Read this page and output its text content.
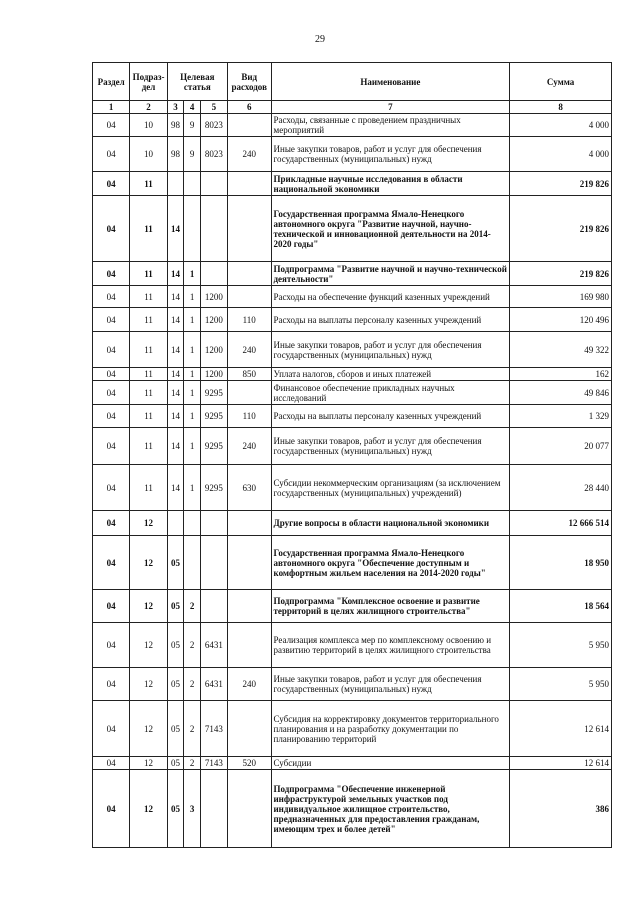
29
Раздел	Подраз-дел	Целевая статья			Вид расходов	Наименование	Сумма
1	2	3	4	5	6	7	8
04	10	98	9	8023		Расходы, связанные с проведением праздничных мероприятий	4 000
04	10	98	9	8023	240	Иные закупки товаров, работ и услуг для обеспечения государственных (муниципальных) нужд	4 000
04	11					Прикладные научные исследования в области национальной экономики	219 826
04	11	14				Государственная программа Ямало-Ненецкого автономного округа "Развитие научной, научно-технической и инновационной деятельности на 2014-2020 годы"	219 826
04	11	14	1			Подпрограмма "Развитие научной и научно-технической деятельности"	219 826
04	11	14	1	1200		Расходы на обеспечение функций казенных учреждений	169 980
04	11	14	1	1200	110	Расходы на выплаты персоналу казенных учреждений	120 496
04	11	14	1	1200	240	Иные закупки товаров, работ и услуг для обеспечения государственных (муниципальных) нужд	49 322
04	11	14	1	1200	850	Уплата налогов, сборов и иных платежей	162
04	11	14	1	9295		Финансовое обеспечение прикладных научных исследований	49 846
04	11	14	1	9295	110	Расходы на выплаты персоналу казенных учреждений	1 329
04	11	14	1	9295	240	Иные закупки товаров, работ и услуг для обеспечения государственных (муниципальных) нужд	20 077
04	11	14	1	9295	630	Субсидии некоммерческим организациям (за исключением государственных (муниципальных) учреждений)	28 440
04	12					Другие вопросы в области национальной экономики	12 666 514
04	12	05				Государственная программа Ямало-Ненецкого автономного округа "Обеспечение доступным и комфортным жильем населения на 2014-2020 годы"	18 950
04	12	05	2			Подпрограмма "Комплексное освоение и развитие территорий в целях жилищного строительства"	18 564
04	12	05	2	6431		Реализация комплекса мер по комплексному освоению и развитию территорий в целях жилищного строительства	5 950
04	12	05	2	6431	240	Иные закупки товаров, работ и услуг для обеспечения государственных (муниципальных) нужд	5 950
04	12	05	2	7143		Субсидия на корректировку документов территориального планирования и на разработку документации по планированию территорий	12 614
04	12	05	2	7143	520	Субсидии	12 614
04	12	05	3			Подпрограмма "Обеспечение инженерной инфраструктурой земельных участков под индивидуальное жилищное строительство, предназначенных для предоставления гражданам, имеющим трех и более детей"	386
